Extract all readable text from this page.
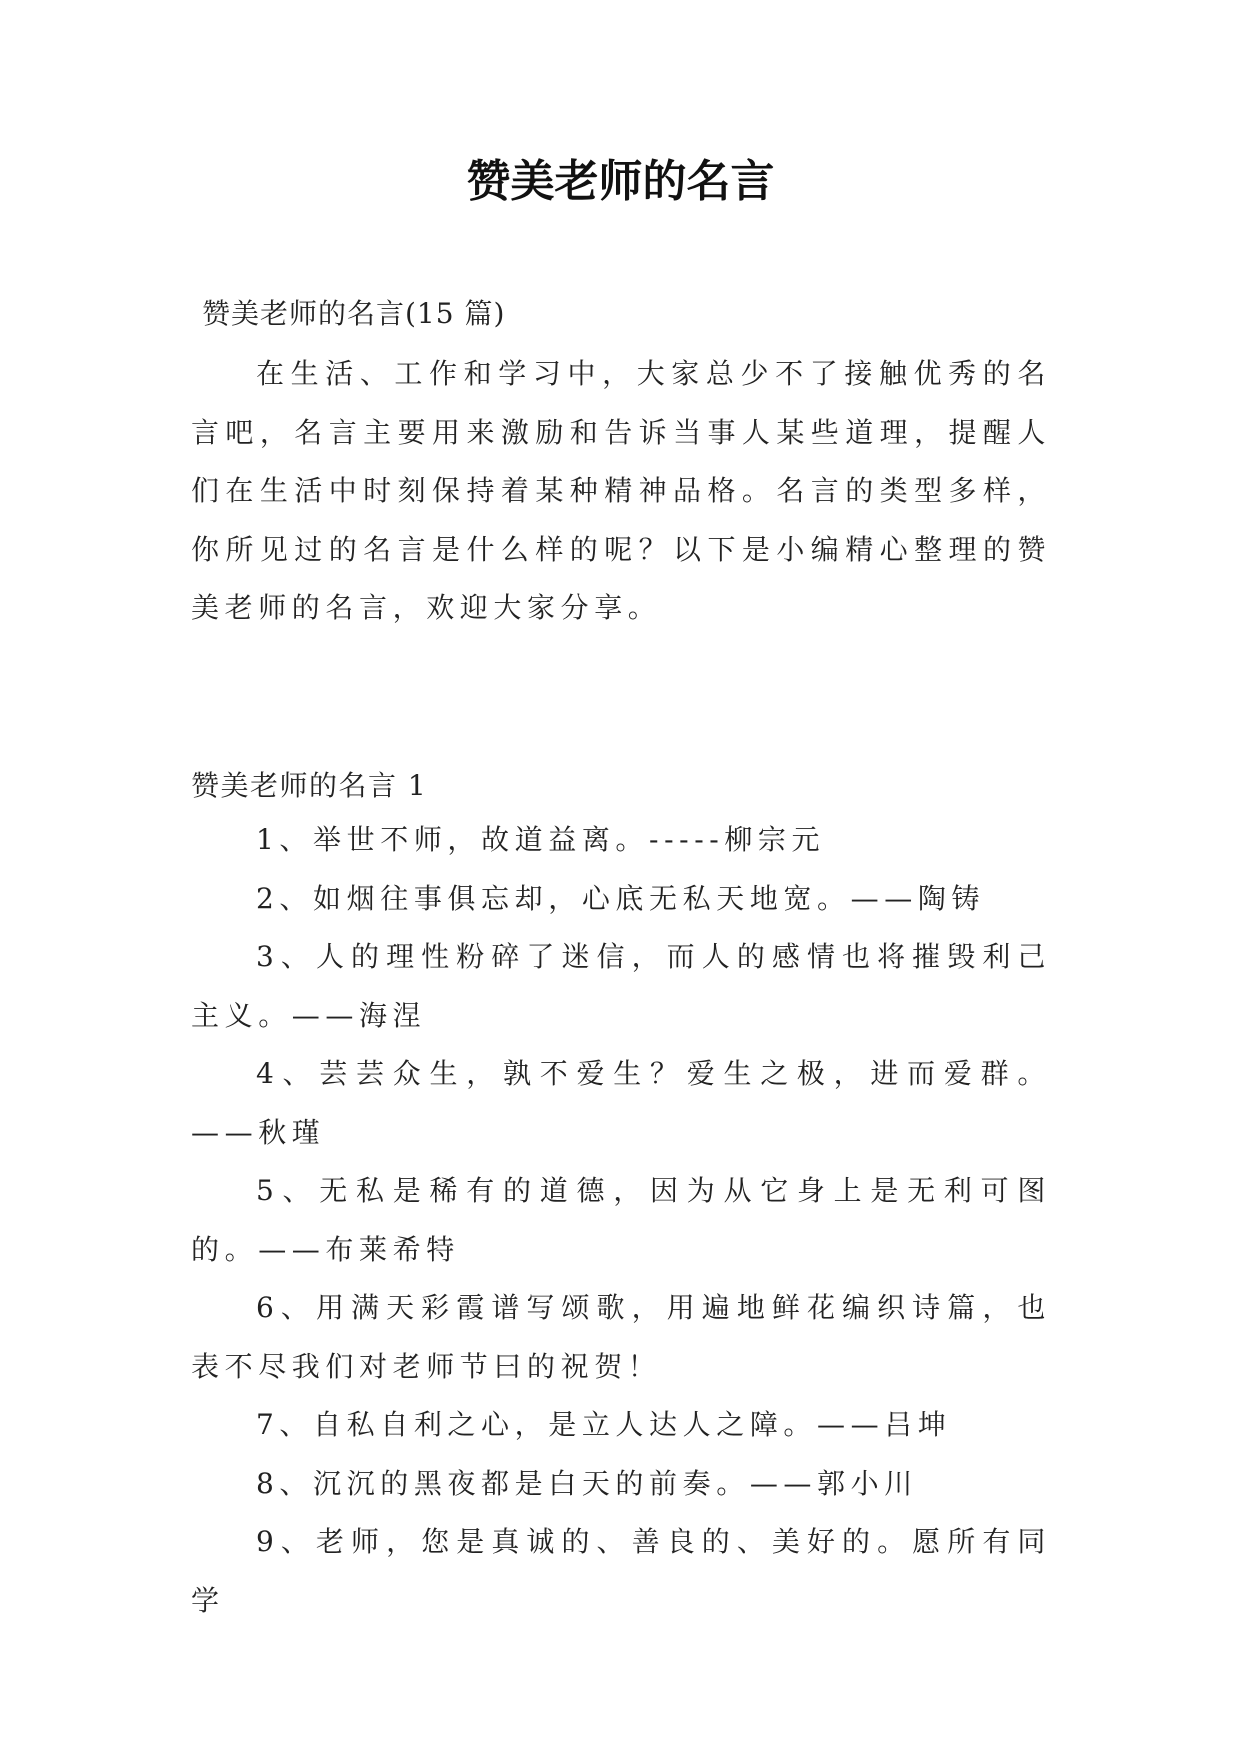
赞美老师的名言
赞美老师的名言(15 篇)
在生活、工作和学习中，大家总少不了接触优秀的名言吧，名言主要用来激励和告诉当事人某些道理，提醒人们在生活中时刻保持着某种精神品格。名言的类型多样，你所见过的名言是什么样的呢？以下是小编精心整理的赞美老师的名言，欢迎大家分享。
赞美老师的名言 1

1、举世不师，故道益离。-----柳宗元

2、如烟往事俱忘却，心底无私天地宽。——陶铸

3、人的理性粉碎了迷信，而人的感情也将摧毁利己主义。——海涅

4、芸芸众生，孰不爱生？爱生之极，进而爱群。——秋瑾

5、无私是稀有的道德，因为从它身上是无利可图的。——布莱希特

6、用满天彩霞谱写颂歌，用遍地鲜花编织诗篇，也表不尽我们对老师节曰的祝贺！

7、自私自利之心，是立人达人之障。——吕坤

8、沉沉的黑夜都是白天的前奏。——郭小川

9、老师，您是真诚的、善良的、美好的。愿所有同学
